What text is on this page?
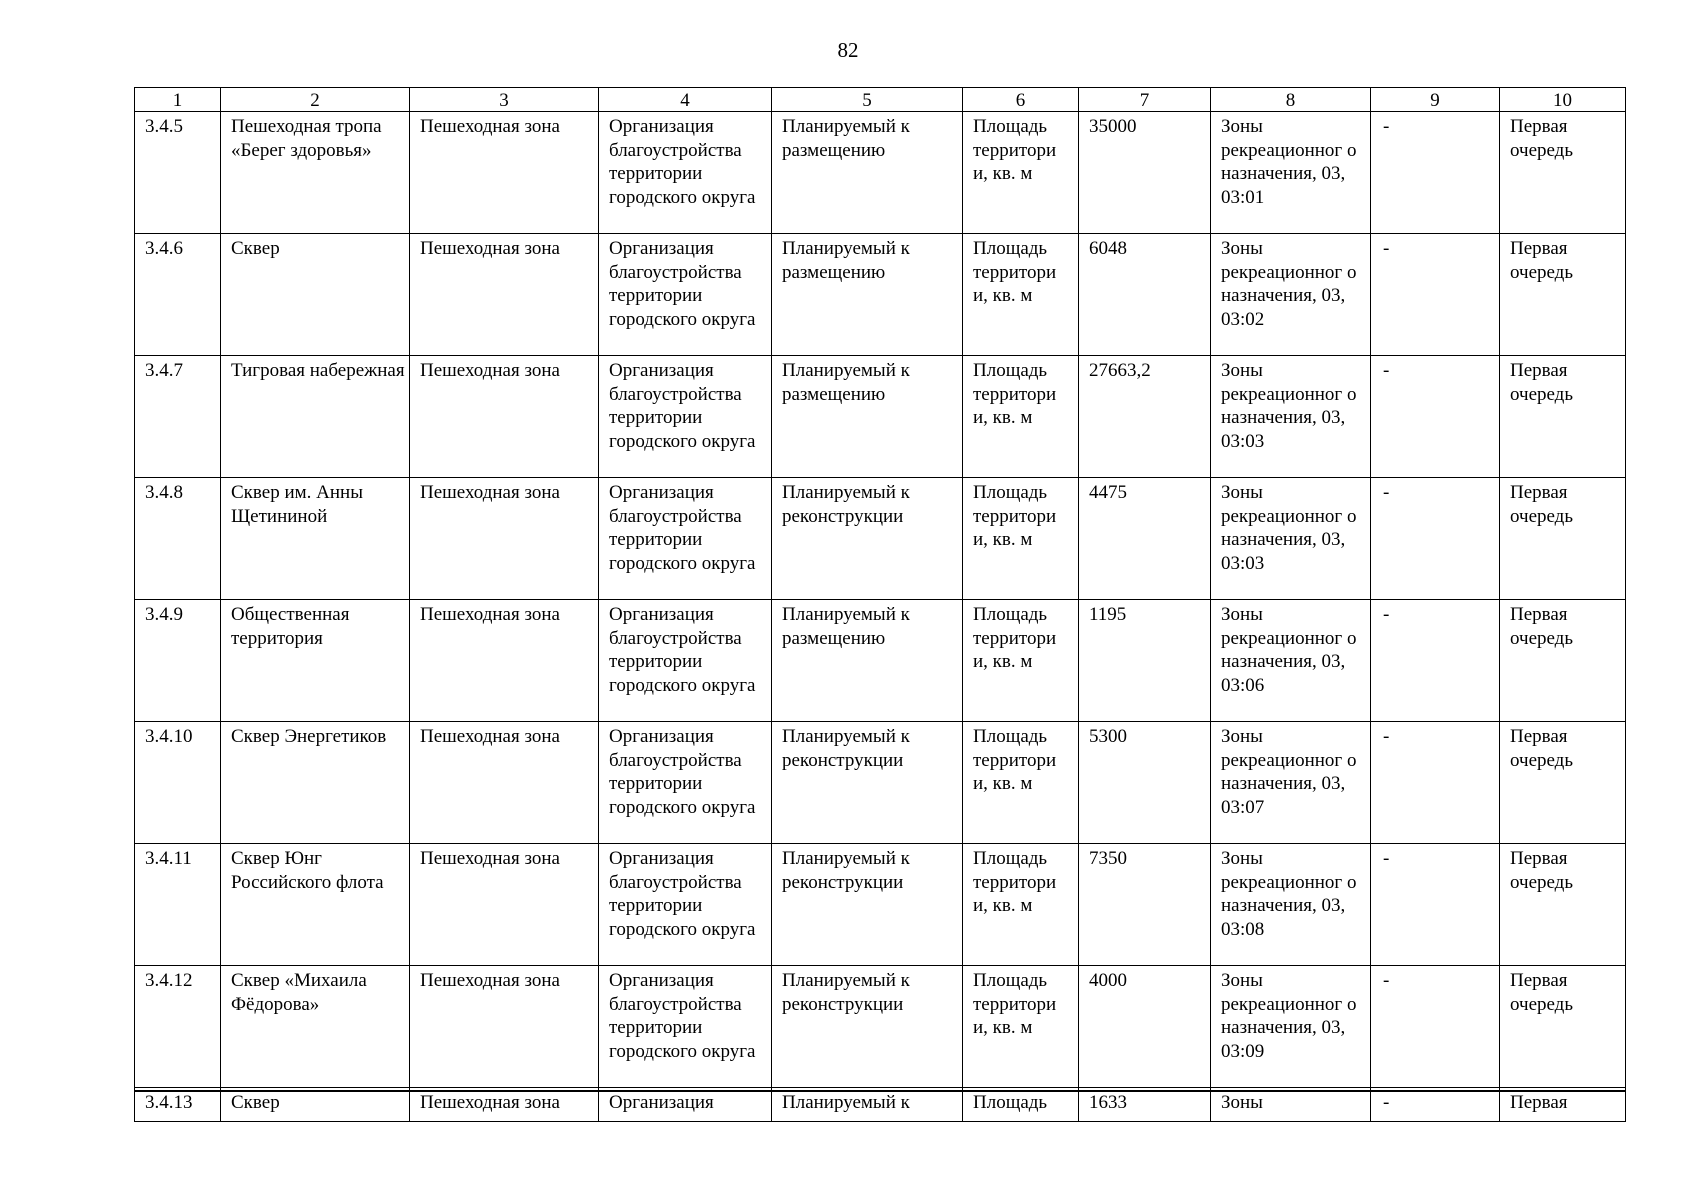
82
1	2	3	4	5	6	7	8	9	10
3.4.5	Пешеходная тропа «Берег здоровья»	Пешеходная зона	Организация благоустройства территории городского округа	Планируемый к размещению	Площадь территори и, кв. м	35000	Зоны рекреационног о назначения, 03, 03:01	-	Первая очередь
3.4.6	Сквер	Пешеходная зона	Организация благоустройства территории городского округа	Планируемый к размещению	Площадь территори и, кв. м	6048	Зоны рекреационног о назначения, 03, 03:02	-	Первая очередь
3.4.7	Тигровая набережная	Пешеходная зона	Организация благоустройства территории городского округа	Планируемый к размещению	Площадь территори и, кв. м	27663,2	Зоны рекреационног о назначения, 03, 03:03	-	Первая очередь
3.4.8	Сквер им. Анны Щетининой	Пешеходная зона	Организация благоустройства территории городского округа	Планируемый к реконструкции	Площадь территори и, кв. м	4475	Зоны рекреационног о назначения, 03, 03:03	-	Первая очередь
3.4.9	Общественная территория	Пешеходная зона	Организация благоустройства территории городского округа	Планируемый к размещению	Площадь территори и, кв. м	1195	Зоны рекреационног о назначения, 03, 03:06	-	Первая очередь
3.4.10	Сквер Энергетиков	Пешеходная зона	Организация благоустройства территории городского округа	Планируемый к реконструкции	Площадь территори и, кв. м	5300	Зоны рекреационног о назначения, 03, 03:07	-	Первая очередь
3.4.11	Сквер Юнг Российского флота	Пешеходная зона	Организация благоустройства территории городского округа	Планируемый к реконструкции	Площадь территори и, кв. м	7350	Зоны рекреационног о назначения, 03, 03:08	-	Первая очередь
3.4.12	Сквер «Михаила Фёдорова»	Пешеходная зона	Организация благоустройства территории городского округа	Планируемый к реконструкции	Площадь территори и, кв. м	4000	Зоны рекреационног о назначения, 03, 03:09	-	Первая очередь
3.4.13	Сквер	Пешеходная зона	Организация	Планируемый к	Площадь	1633	Зоны	-	Первая
